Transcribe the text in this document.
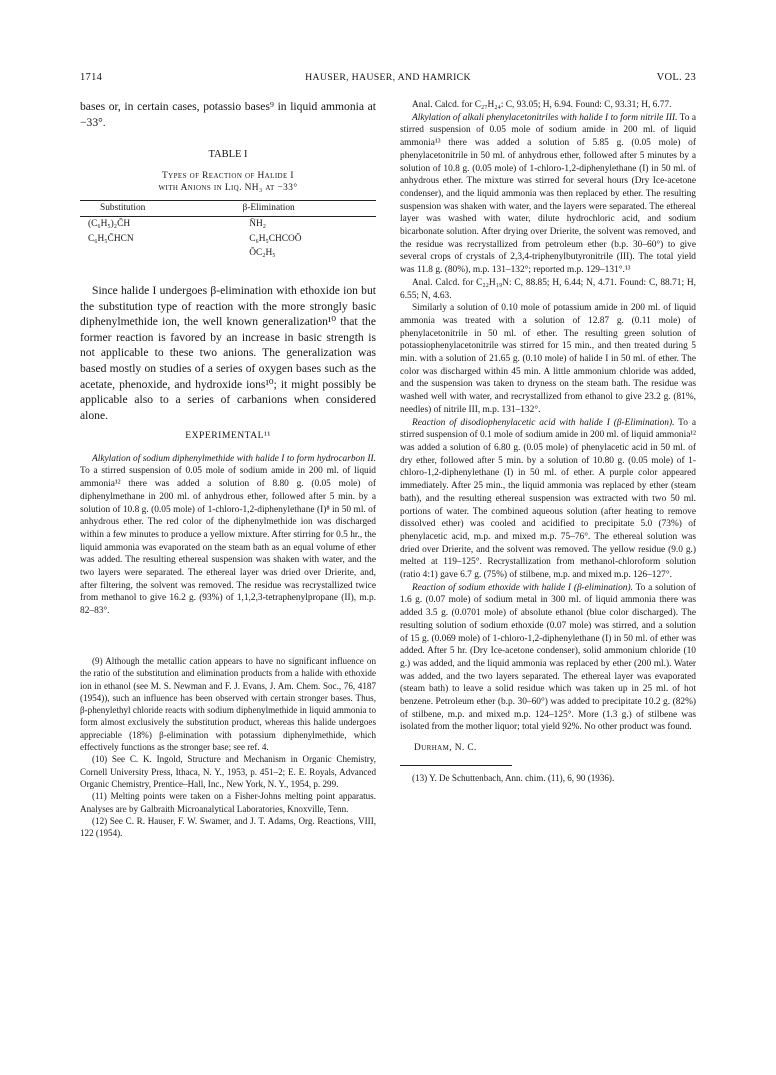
1714	HAUSER, HAUSER, AND HAMRICK	VOL. 23

bases or, in certain cases, potassio bases⁹ in liquid ammonia at −33°.

TABLE I
Types of Reaction of Halide I
with Anions in Liq. NH₃ at −33°
Substitution	β-Elimination
(C₆H₅)₂C̄H	N̄H₂
C₆H₅C̄HCN	C₆H₅CHCOŌ
	ŌC₂H₅

Since halide I undergoes β-elimination with ethoxide ion but the substitution type of reaction with the more strongly basic diphenylmethide ion, the well known generalization¹⁰ that the former reaction is favored by an increase in basic strength is not applicable to these two anions. The generalization was based mostly on studies of a series of oxygen bases such as the acetate, phenoxide, and hydroxide ions¹⁰; it might possibly be applicable also to a series of carbanions when considered alone.

EXPERIMENTAL¹¹

Alkylation of sodium diphenylmethide with halide I to form hydrocarbon II. To a stirred suspension of 0.05 mole of sodium amide in 200 ml. of liquid ammonia¹² there was added a solution of 8.80 g. (0.05 mole) of diphenylmethane in 200 ml. of anhydrous ether, followed after 5 min. by a solution of 10.8 g. (0.05 mole) of 1-chloro-1,2-diphenylethane (I)⁸ in 50 ml. of anhydrous ether. The red color of the diphenylmethide ion was discharged within a few minutes to produce a yellow mixture. After stirring for 0.5 hr., the liquid ammonia was evaporated on the steam bath as an equal volume of ether was added. The resulting ethereal suspension was shaken with water, and the two layers were separated. The ethereal layer was dried over Drierite, and, after filtering, the solvent was removed. The residue was recrystallized twice from methanol to give 16.2 g. (93%) of 1,1,2,3-tetraphenylpropane (II), m.p. 82–83°.

(9) Although the metallic cation appears to have no significant influence on the ratio of the substitution and elimination products from a halide with ethoxide ion in ethanol (see M. S. Newman and F. J. Evans, J. Am. Chem. Soc., 76, 4187 (1954)), such an influence has been observed with certain stronger bases. Thus, β-phenylethyl chloride reacts with sodium diphenylmethide in liquid ammonia to form almost exclusively the substitution product, whereas this halide undergoes appreciable (18%) β-elimination with potassium diphenylmethide, which effectively functions as the stronger base; see ref. 4.

(10) See C. K. Ingold, Structure and Mechanism in Organic Chemistry, Cornell University Press, Ithaca, N. Y., 1953, p. 451–2; E. E. Royals, Advanced Organic Chemistry, Prentice–Hall, Inc., New York, N. Y., 1954, p. 299.

(11) Melting points were taken on a Fisher-Johns melting point apparatus. Analyses are by Galbraith Microanalytical Laboratories, Knoxville, Tenn.

(12) See C. R. Hauser, F. W. Swamer, and J. T. Adams, Org. Reactions, VIII, 122 (1954).

Anal. Calcd. for C₂₇H₂₄: C, 93.05; H, 6.94. Found: C, 93.31; H, 6.77.

Alkylation of alkali phenylacetonitriles with halide I to form nitrile III. To a stirred suspension of 0.05 mole of sodium amide in 200 ml. of liquid ammonia¹³ there was added a solution of 5.85 g. (0.05 mole) of phenylacetonitrile in 50 ml. of anhydrous ether, followed after 5 minutes by a solution of 10.8 g. (0.05 mole) of 1-chloro-1,2-diphenylethane (I) in 50 ml. of anhydrous ether. The mixture was stirred for several hours (Dry Ice-acetone condenser), and the liquid ammonia was then replaced by ether. The resulting suspension was shaken with water, and the layers were separated. The ethereal layer was washed with water, dilute hydrochloric acid, and sodium bicarbonate solution. After drying over Drierite, the solvent was removed, and the residue was recrystallized from petroleum ether (b.p. 30–60°) to give several crops of crystals of 2,3,4-triphenylbutyronitrile (III). The total yield was 11.8 g. (80%), m.p. 131–132°; reported m.p. 129–131°.¹³

Anal. Calcd. for C₂₂H₁₉N: C, 88.85; H, 6.44; N, 4.71. Found: C, 88.71; H, 6.55; N, 4.63.

Similarly a solution of 0.10 mole of potassium amide in 200 ml. of liquid ammonia was treated with a solution of 12.87 g. (0.11 mole) of phenylacetonitrile in 50 ml. of ether. The resulting green solution of potassiophenylacetonitrile was stirred for 15 min., and then treated during 5 min. with a solution of 21.65 g. (0.10 mole) of halide I in 50 ml. of ether. The color was discharged within 45 min. A little ammonium chloride was added, and the suspension was taken to dryness on the steam bath. The residue was washed well with water, and recrystallized from ethanol to give 23.2 g. (81%, needles) of nitrile III, m.p. 131–132°.

Reaction of disodiophenylacetic acid with halide I (β-Elimination). To a stirred suspension of 0.1 mole of sodium amide in 200 ml. of liquid ammonia¹² was added a solution of 6.80 g. (0.05 mole) of phenylacetic acid in 50 ml. of dry ether, followed after 5 min. by a solution of 10.80 g. (0.05 mole) of 1-chloro-1,2-diphenylethane (I) in 50 ml. of ether. A purple color appeared immediately. After 25 min., the liquid ammonia was replaced by ether (steam bath), and the resulting ethereal suspension was extracted with two 50 ml. portions of water. The combined aqueous solution (after heating to remove dissolved ether) was cooled and acidified to precipitate 5.0 (73%) of phenylacetic acid, m.p. and mixed m.p. 75–76°. The ethereal solution was dried over Drierite, and the solvent was removed. The yellow residue (9.0 g.) melted at 119–125°. Recrystallization from methanol-chloroform solution (ratio 4:1) gave 6.7 g. (75%) of stilbene, m.p. and mixed m.p. 126–127°.

Reaction of sodium ethoxide with halide I (β-elimination). To a solution of 1.6 g. (0.07 mole) of sodium metal in 300 ml. of liquid ammonia there was added 3.5 g. (0.0701 mole) of absolute ethanol (blue color discharged). The resulting solution of sodium ethoxide (0.07 mole) was stirred, and a solution of 15 g. (0.069 mole) of 1-chloro-1,2-diphenylethane (I) in 50 ml. of ether was added. After 5 hr. (Dry Ice-acetone condenser), solid ammonium chloride (10 g.) was added, and the liquid ammonia was replaced by ether (200 ml.). Water was added, and the two layers separated. The ethereal layer was evaporated (steam bath) to leave a solid residue which was taken up in 25 ml. of hot benzene. Petroleum ether (b.p. 30–60°) was added to precipitate 10.2 g. (82%) of stilbene, m.p. and mixed m.p. 124–125°. More (1.3 g.) of stilbene was isolated from the mother liquor; total yield 92%. No other product was found.

Durham, N. C.

(13) Y. De Schuttenbach, Ann. chim. (11), 6, 90 (1936).
